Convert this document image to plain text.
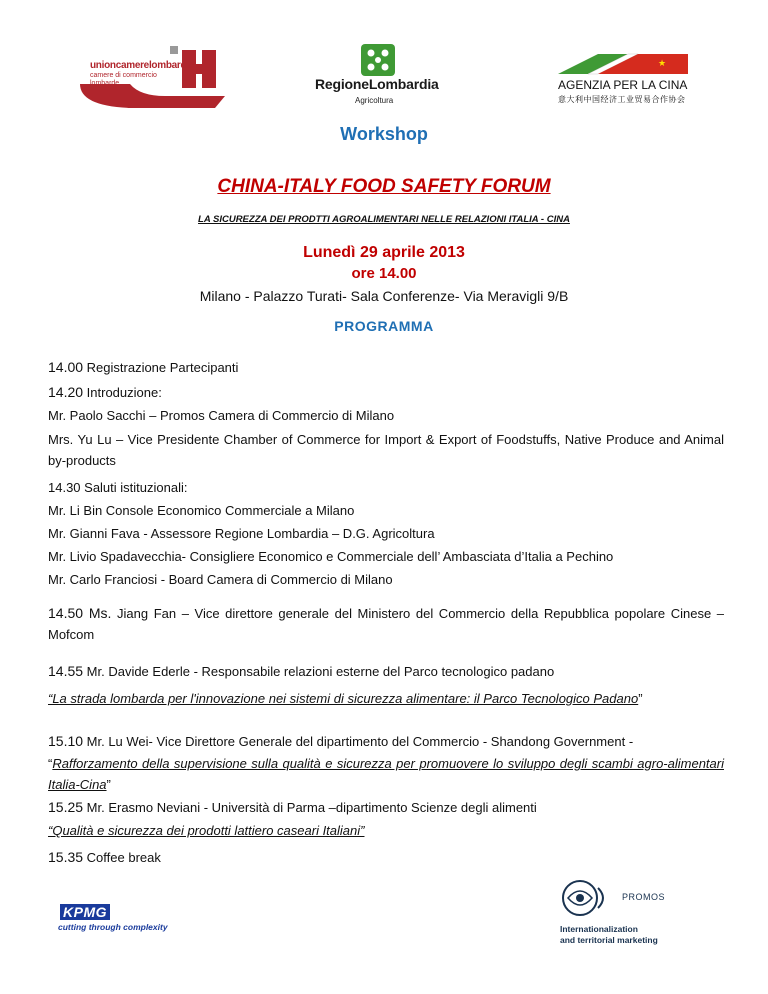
unioncamerelombardia
camere di commercio lombarde	RegioneLombardia
Agricoltura
★
AGENZIA PER LA CINA
意大利中国经济工业贸易合作协会
Workshop
CHINA-ITALY FOOD SAFETY FORUM
LA SICUREZZA DEI PRODTTI AGROALIMENTARI NELLE RELAZIONI ITALIA - CINA
Lunedì 29 aprile 2013
ore 14.00
Milano - Palazzo Turati- Sala Conferenze- Via Meravigli 9/B
PROGRAMMA
14.00 Registrazione Partecipanti
14.20 Introduzione:
Mr. Paolo Sacchi – Promos Camera di Commercio di Milano
Mrs. Yu Lu – Vice Presidente Chamber of Commerce for Import & Export of Foodstuffs, Native Produce and Animal by-products
14.30 Saluti istituzionali:
Mr. Li Bin Console Economico Commerciale a Milano
Mr. Gianni Fava - Assessore Regione Lombardia – D.G. Agricoltura
Mr. Livio Spadavecchia- Consigliere Economico e Commerciale dell’ Ambasciata d’Italia a Pechino
Mr. Carlo Franciosi - Board Camera di Commercio di Milano
14.50 Ms. Jiang Fan – Vice direttore generale del Ministero del Commercio della Repubblica popolare Cinese – Mofcom
14.55 Mr. Davide Ederle - Responsabile relazioni esterne del Parco tecnologico padano
“La strada lombarda per l'innovazione nei sistemi di sicurezza alimentare: il Parco Tecnologico Padano”
15.10 Mr. Lu Wei- Vice Direttore Generale del dipartimento del Commercio - Shandong Government -
“Rafforzamento della supervisione sulla qualità e sicurezza per promuovere lo sviluppo degli scambi agro-alimentari Italia-Cina”
15.25 Mr. Erasmo Neviani - Università di Parma –dipartimento Scienze degli alimenti
“Qualità e sicurezza dei prodotti lattiero caseari Italiani”
15.35 Coffee break
KPMG
cutting through complexity
PROMOS
Internationalization
and territorial marketing
